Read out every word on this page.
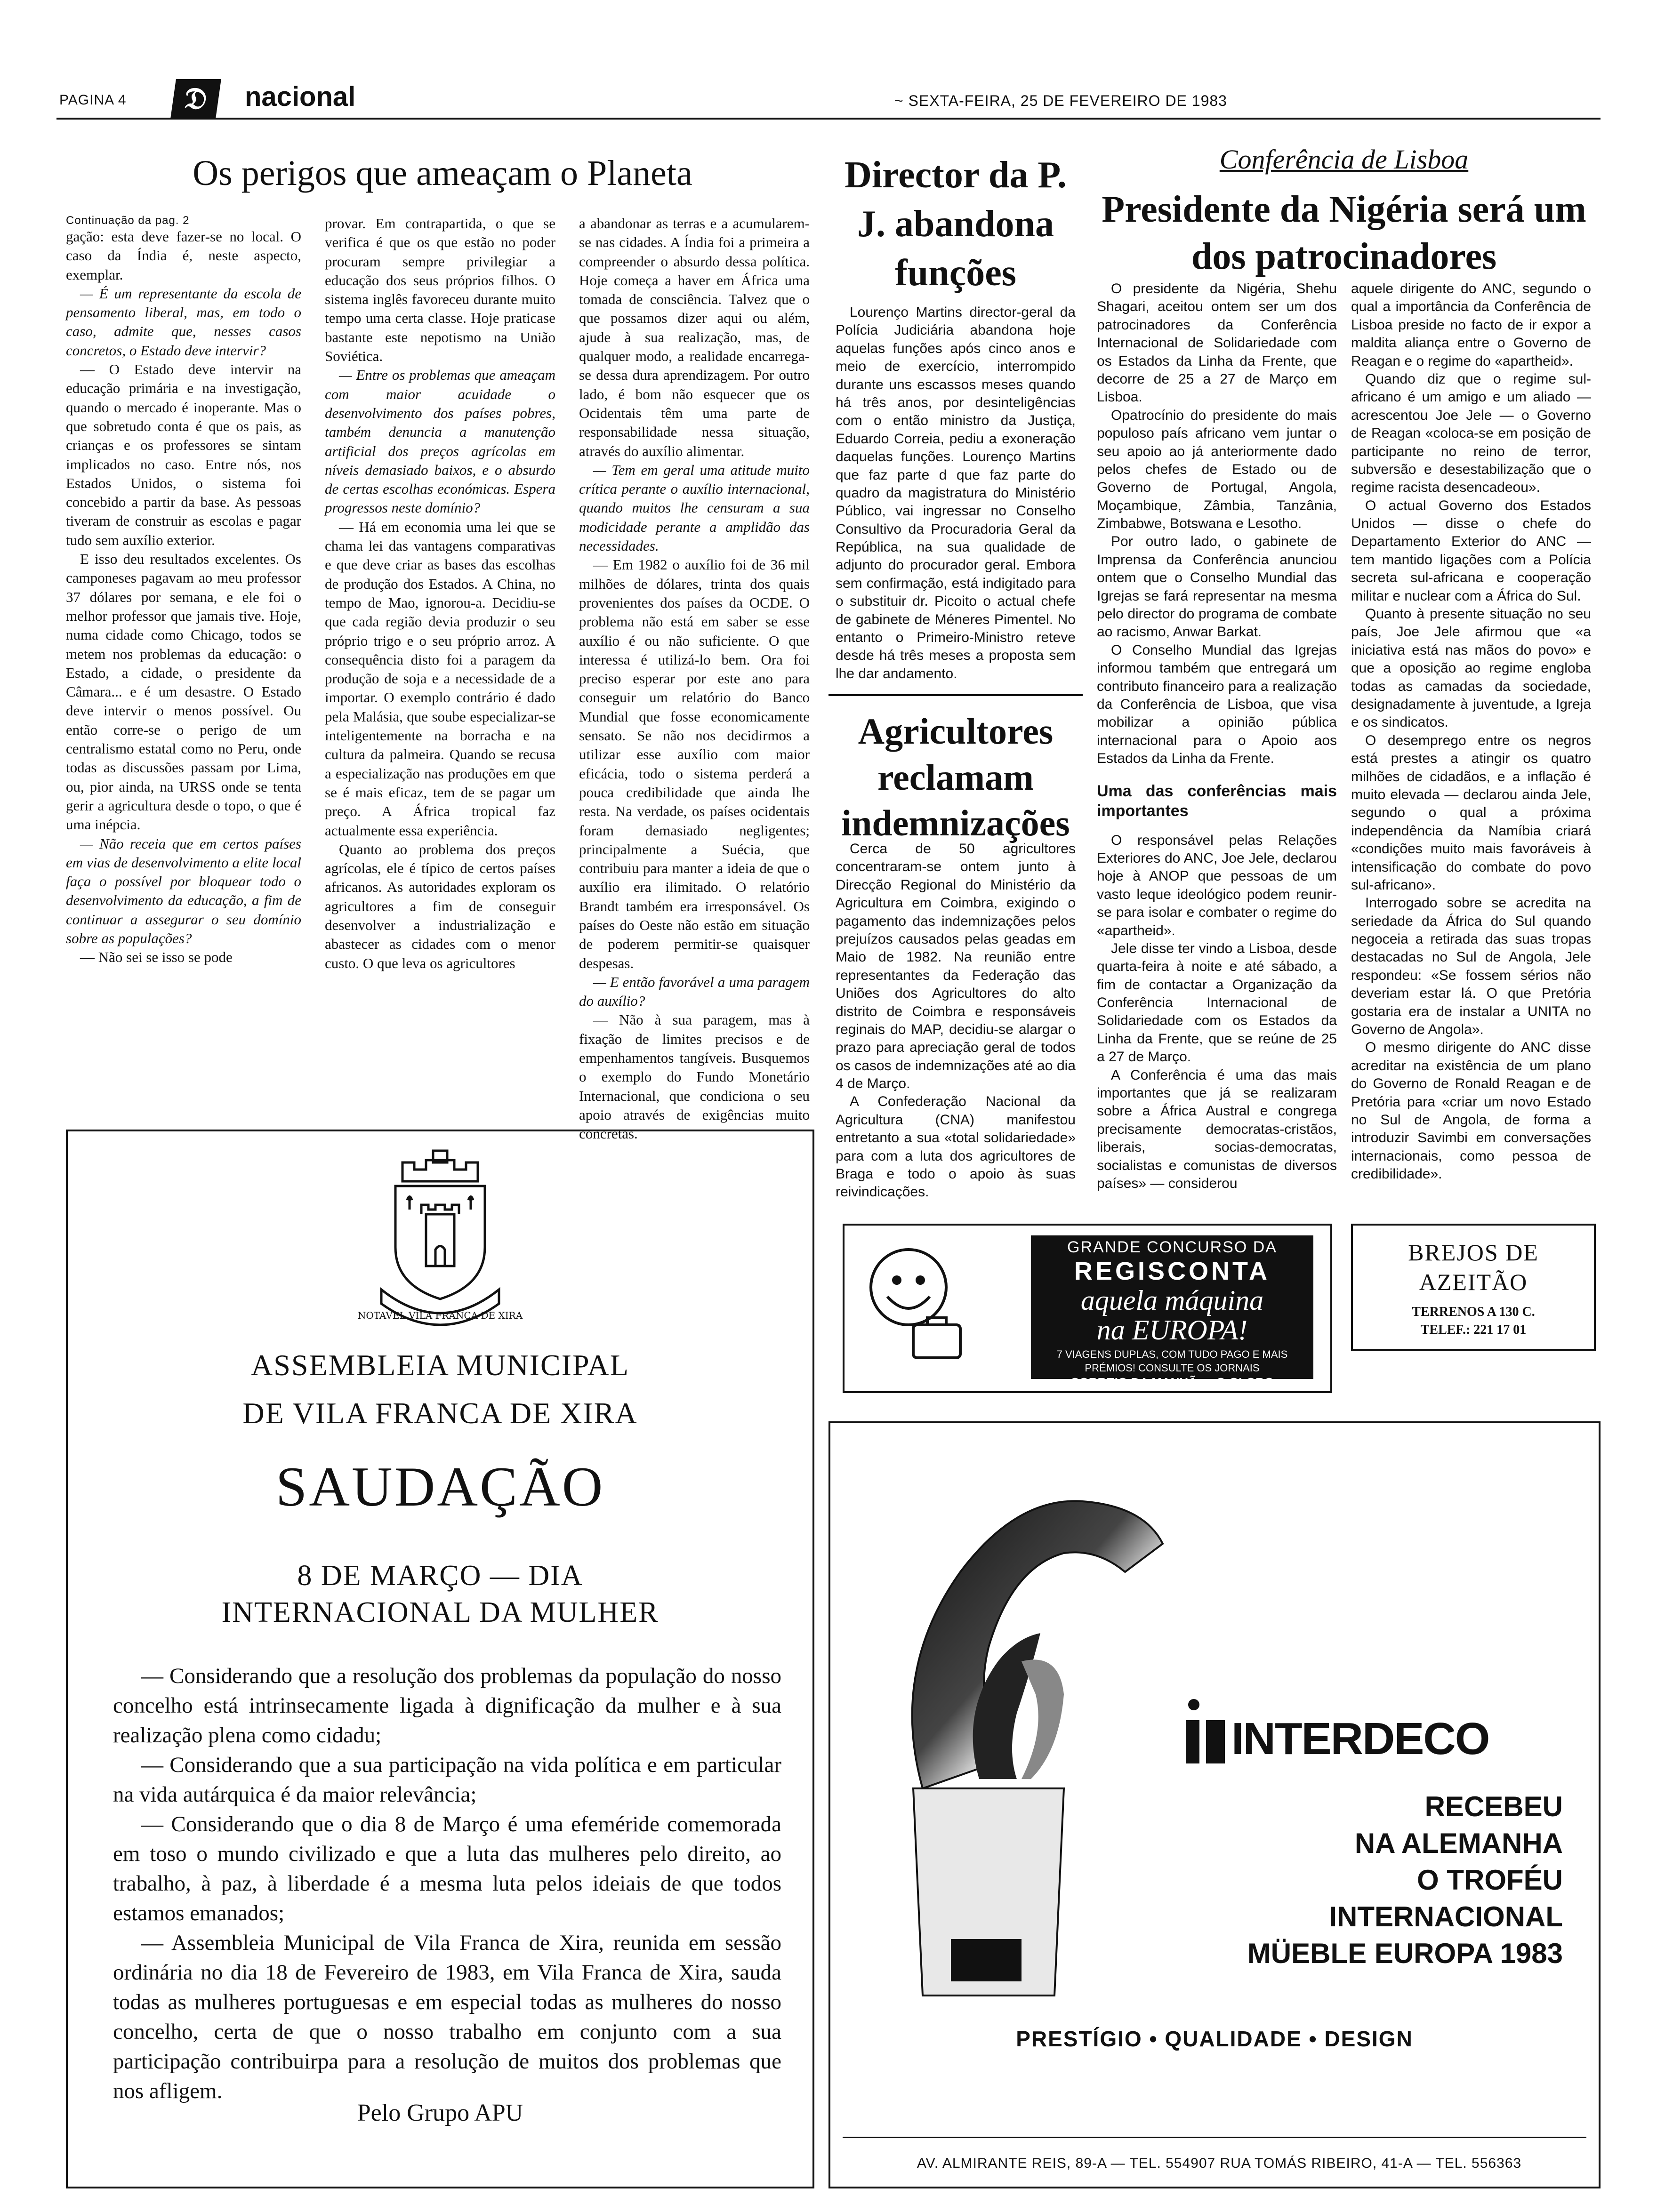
PAGINA 4	𝔇	nacional	~ SEXTA-FEIRA, 25 DE FEVEREIRO DE 1983
Os perigos que ameaçam o Planeta

Continuação da pag. 2

gação: esta deve fazer-se no local. O caso da Índia é, neste aspecto, exemplar.

— É um representante da escola de pensamento liberal, mas, em todo o caso, admite que, nesses casos concretos, o Estado deve intervir?

— O Estado deve intervir na educação primária e na investigação, quando o mercado é inoperante. Mas o que sobretudo conta é que os pais, as crianças e os professores se sintam implicados no caso. Entre nós, nos Estados Unidos, o sistema foi concebido a partir da base. As pessoas tiveram de construir as escolas e pagar tudo sem auxílio exterior.

E isso deu resultados excelentes. Os camponeses pagavam ao meu professor 37 dólares por semana, e ele foi o melhor professor que jamais tive. Hoje, numa cidade como Chicago, todos se metem nos problemas da educação: o Estado, a cidade, o presidente da Câmara... e é um desastre. O Estado deve intervir o menos possível. Ou então corre-se o perigo de um centralismo estatal como no Peru, onde todas as discussões passam por Lima, ou, pior ainda, na URSS onde se tenta gerir a agricultura desde o topo, o que é uma inépcia.

— Não receia que em certos países em vias de desenvolvimento a elite local faça o possível por bloquear todo o desenvolvimento da educação, a fim de continuar a assegurar o seu domínio sobre as populações?

— Não sei se isso se pode

provar. Em contrapartida, o que se verifica é que os que estão no poder procuram sempre privilegiar a educação dos seus próprios filhos. O sistema inglês favoreceu durante muito tempo uma certa classe. Hoje praticase bastante este nepotismo na União Soviética.

— Entre os problemas que ameaçam com maior acuidade o desenvolvimento dos países pobres, também denuncia a manutenção artificial dos preços agrícolas em níveis demasiado baixos, e o absurdo de certas escolhas económicas. Espera progressos neste domínio?

— Há em economia uma lei que se chama lei das vantagens comparativas e que deve criar as bases das escolhas de produção dos Estados. A China, no tempo de Mao, ignorou-a. Decidiu-se que cada região devia produzir o seu próprio trigo e o seu próprio arroz. A consequência disto foi a paragem da produção de soja e a necessidade de a importar. O exemplo contrário é dado pela Malásia, que soube especializar-se inteligentemente na borracha e na cultura da palmeira. Quando se recusa a especialização nas produções em que se é mais eficaz, tem de se pagar um preço. A África tropical faz actualmente essa experiência.

Quanto ao problema dos preços agrícolas, ele é típico de certos países africanos. As autoridades exploram os agricultores a fim de conseguir desenvolver a industrialização e abastecer as cidades com o menor custo. O que leva os agricultores

a abandonar as terras e a acumularem-se nas cidades. A Índia foi a primeira a compreender o absurdo dessa política. Hoje começa a haver em África uma tomada de consciência. Talvez que o que possamos dizer aqui ou além, ajude à sua realização, mas, de qualquer modo, a realidade encarrega-se dessa dura aprendizagem. Por outro lado, é bom não esquecer que os Ocidentais têm uma parte de responsabilidade nessa situação, através do auxílio alimentar.

— Tem em geral uma atitude muito crítica perante o auxílio internacional, quando muitos lhe censuram a sua modicidade perante a amplidão das necessidades.

— Em 1982 o auxílio foi de 36 mil milhões de dólares, trinta dos quais provenientes dos países da OCDE. O problema não está em saber se esse auxílio é ou não suficiente. O que interessa é utilizá-lo bem. Ora foi preciso esperar por este ano para conseguir um relatório do Banco Mundial que fosse economicamente sensato. Se não nos decidirmos a utilizar esse auxílio com maior eficácia, todo o sistema perderá a pouca credibilidade que ainda lhe resta. Na verdade, os países ocidentais foram demasiado negligentes; principalmente a Suécia, que contribuiu para manter a ideia de que o auxílio era ilimitado. O relatório Brandt também era irresponsável. Os países do Oeste não estão em situação de poderem permitir-se quaisquer despesas.

— E então favorável a uma paragem do auxílio?

— Não à sua paragem, mas à fixação de limites precisos e de empenhamentos tangíveis. Busquemos o exemplo do Fundo Monetário Internacional, que condiciona o seu apoio através de exigências muito concretas.

Director da P. J. abandona funções

Lourenço Martins director-geral da Polícia Judiciária abandona hoje aquelas funções após cinco anos e meio de exercício, interrompido durante uns escassos meses quando há três anos, por desinteligências com o então ministro da Justiça, Eduardo Correia, pediu a exoneração daquelas funções. Lourenço Martins que faz parte d que faz parte do quadro da magistratura do Ministério Público, vai ingressar no Conselho Consultivo da Procuradoria Geral da República, na sua qualidade de adjunto do procurador geral. Embora sem confirmação, está indigitado para o substituir dr. Picoito o actual chefe de gabinete de Méneres Pimentel. No entanto o Primeiro-Ministro reteve desde há três meses a proposta sem lhe dar andamento.

Agricultores reclamam indemnizações

Cerca de 50 agricultores concentraram-se ontem junto à Direcção Regional do Ministério da Agricultura em Coimbra, exigindo o pagamento das indemnizações pelos prejuízos causados pelas geadas em Maio de 1982. Na reunião entre representantes da Federação das Uniões dos Agricultores do alto distrito de Coimbra e responsáveis reginais do MAP, decidiu-se alargar o prazo para apreciação geral de todos os casos de indemnizações até ao dia 4 de Março.

A Confederação Nacional da Agricultura (CNA) manifestou entretanto a sua «total solidariedade» para com a luta dos agricultores de Braga e todo o apoio às suas reivindicações.

Conferência de Lisboa
Presidente da Nigéria será um dos patrocinadores

O presidente da Nigéria, Shehu Shagari, aceitou ontem ser um dos patrocinadores da Conferência Internacional de Solidariedade com os Estados da Linha da Frente, que decorre de 25 a 27 de Março em Lisboa.

Opatrocínio do presidente do mais populoso país africano vem juntar o seu apoio ao já anteriormente dado pelos chefes de Estado ou de Governo de Portugal, Angola, Moçambique, Zâmbia, Tanzânia, Zimbabwe, Botswana e Lesotho.

Por outro lado, o gabinete de Imprensa da Conferência anunciou ontem que o Conselho Mundial das Igrejas se fará representar na mesma pelo director do programa de combate ao racismo, Anwar Barkat.

O Conselho Mundial das Igrejas informou também que entregará um contributo financeiro para a realização da Conferência de Lisboa, que visa mobilizar a opinião pública internacional para o Apoio aos Estados da Linha da Frente.

Uma das conferências mais importantes

O responsável pelas Relações Exteriores do ANC, Joe Jele, declarou hoje à ANOP que pessoas de um vasto leque ideológico podem reunir-se para isolar e combater o regime do «apartheid».

Jele disse ter vindo a Lisboa, desde quarta-feira à noite e até sábado, a fim de contactar a Organização da Conferência Internacional de Solidariedade com os Estados da Linha da Frente, que se reúne de 25 a 27 de Março.

A Conferência é uma das mais importantes que já se realizaram sobre a África Austral e congrega precisamente democratas-cristãos, liberais, socias-democratas, socialistas e comunistas de diversos países» — considerou

aquele dirigente do ANC, segundo o qual a importância da Conferência de Lisboa preside no facto de ir expor a maldita aliança entre o Governo de Reagan e o regime do «apartheid».

Quando diz que o regime sul-africano é um amigo e um aliado — acrescentou Joe Jele — o Governo de Reagan «coloca-se em posição de participante no reino de terror, subversão e desestabilização que o regime racista desencadeou».

O actual Governo dos Estados Unidos — disse o chefe do Departamento Exterior do ANC — tem mantido ligações com a Polícia secreta sul-africana e cooperação militar e nuclear com a África do Sul.

Quanto à presente situação no seu país, Joe Jele afirmou que «a iniciativa está nas mãos do povo» e que a oposição ao regime engloba todas as camadas da sociedade, designadamente à juventude, a Igreja e os sindicatos.

O desemprego entre os negros está prestes a atingir os quatro milhões de cidadãos, e a inflação é muito elevada — declarou ainda Jele, segundo o qual a próxima independência da Namíbia criará «condições muito mais favoráveis à intensificação do combate do povo sul-africano».

Interrogado sobre se acredita na seriedade da África do Sul quando negoceia a retirada das suas tropas destacadas no Sul de Angola, Jele respondeu: «Se fossem sérios não deveriam estar lá. O que Pretória gostaria era de instalar a UNITA no Governo de Angola».

O mesmo dirigente do ANC disse acreditar na existência de um plano do Governo de Ronald Reagan e de Pretória para «criar um novo Estado no Sul de Angola, de forma a introduzir Savimbi em conversações internacionais, como pessoa de credibilidade».

NOTAVEL VILA FRANCA DE XIRA
ASSEMBLEIA MUNICIPAL
DE VILA FRANCA DE XIRA
SAUDAÇÃO
8 DE MARÇO — DIA
INTERNACIONAL DA MULHER

— Considerando que a resolução dos problemas da população do nosso concelho está intrinsecamente ligada à dignificação da mulher e à sua realização plena como cidadu;

— Considerando que a sua participação na vida política e em particular na vida autárquica é da maior relevância;

— Considerando que o dia 8 de Março é uma efeméride comemorada em toso o mundo civilizado e que a luta das mulheres pelo direito, ao trabalho, à paz, à liberdade é a mesma luta pelos ideiais de que todos estamos emanados;

— Assembleia Municipal de Vila Franca de Xira, reunida em sessão ordinária no dia 18 de Fevereiro de 1983, em Vila Franca de Xira, sauda todas as mulheres portuguesas e em especial todas as mulheres do nosso concelho, certa de que o nosso trabalho em conjunto com a sua participação contribuirpa para a resolução de muitos dos problemas que nos afligem.

Pelo Grupo APU
GRANDE CONCURSO DA
REGISCONTA
aquela máquina
na EUROPA!
7 VIAGENS DUPLAS, COM TUDO PAGO E MAIS PRÉMIOS! CONSULTE OS JORNAIS
CORREIO DA MANHÃ — O GLOBO
TEMPO — PRIMEIRO DE JANEIRO
BREJOS DE
AZEITÃO
TERRENOS A 130 C.
TELEF.: 221 17 01
INTERDECO
RECEBEU
NA ALEMANHA
O TROFÉU
INTERNACIONAL
MÜEBLE EUROPA 1983
PRESTÍGIO • QUALIDADE • DESIGN
AV. ALMIRANTE REIS, 89-A — TEL. 554907 RUA TOMÁS RIBEIRO, 41-A — TEL. 556363
